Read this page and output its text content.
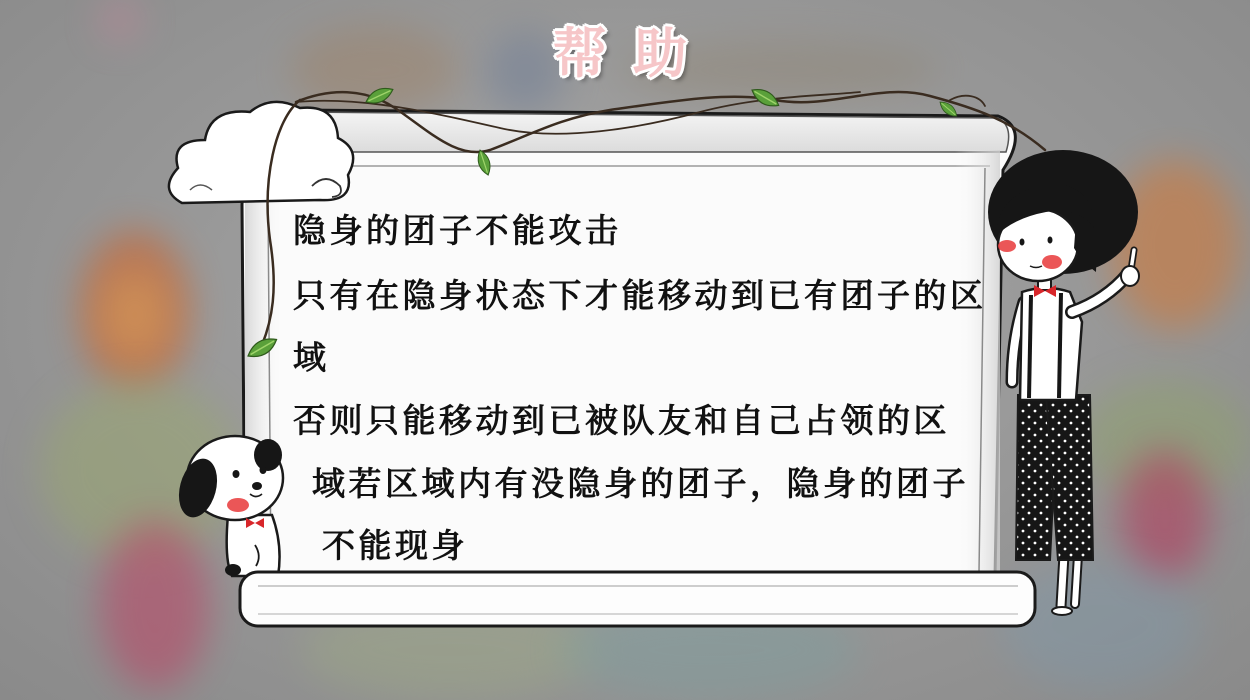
帮助
隐身的团子不能攻击
只有在隐身状态下才能移动到已有团子的区
域
否则只能移动到已被队友和自己占领的区
域若区域内有没隐身的团子，隐身的团子
不能现身
